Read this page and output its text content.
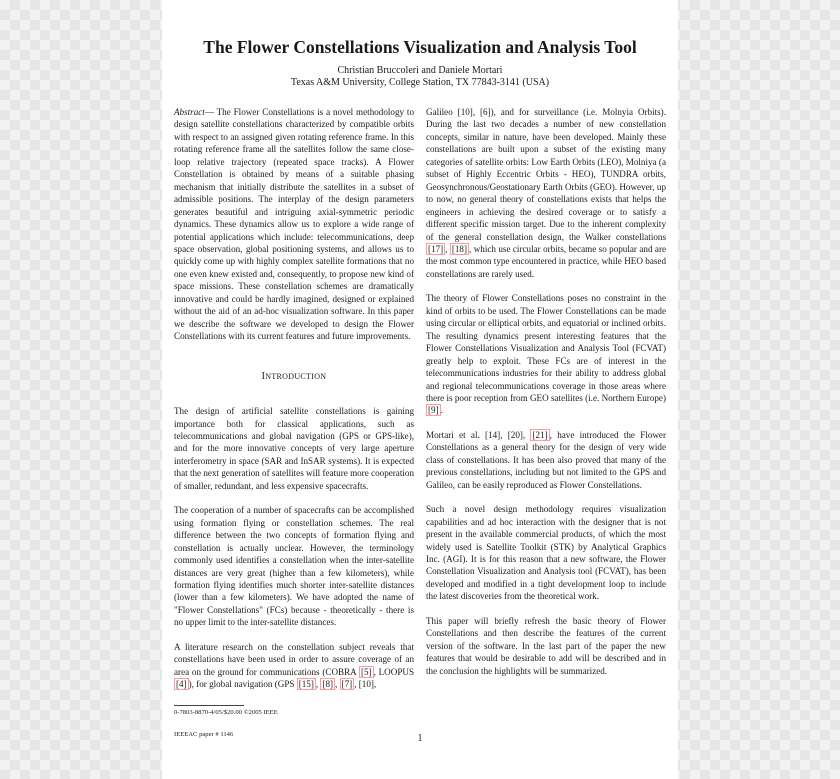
The Flower Constellations Visualization and Analysis Tool

Christian Bruccoleri and Daniele Mortari

Texas A&M University, College Station, TX 77843-3141 (USA)

Abstract— The Flower Constellations is a novel methodology to design satellite constellations characterized by compatible orbits with respect to an assigned given rotating reference frame. In this rotating reference frame all the satellites follow the same close-loop relative trajectory (repeated space tracks). A Flower Constellation is obtained by means of a suitable phasing mechanism that initially distribute the satellites in a subset of admissible positions. The interplay of the design parameters generates beautiful and intriguing axial-symmetric periodic dynamics. These dynamics allow us to explore a wide range of potential applications which include: telecommunications, deep space observation, global positioning systems, and allows us to quickly come up with highly complex satellite formations that no one even knew existed and, consequently, to propose new kind of space missions. These constellation schemes are dramatically innovative and could be hardly imagined, designed or explained without the aid of an ad-hoc visualization software. In this paper we describe the software we developed to design the Flower Constellations with its current features and future improvements.

INTRODUCTION

The design of artificial satellite constellations is gaining importance both for classical applications, such as telecommunications and global navigation (GPS or GPS-like), and for the more innovative concepts of very large aperture interferometry in space (SAR and InSAR systems). It is expected that the next generation of satellites will feature more cooperation of smaller, redundant, and less expensive spacecrafts.

The cooperation of a number of spacecrafts can be accomplished using formation flying or constellation schemes. The real difference between the two concepts of formation flying and constellation is actually unclear. However, the terminology commonly used identifies a constellation when the inter-satellite distances are very great (higher than a few kilometers), while formation flying identifies much shorter inter-satellite distances (lower than a few kilometers). We have adopted the name of "Flower Constellations" (FCs) because - theoretically - there is no upper limit to the inter-satellite distances.

A literature research on the constellation subject reveals that constellations have been used in order to assure coverage of an area on the ground for communications (COBRA [5] , LOOPUS [4] ), for global navigation (GPS [15] , [8] , [7] , [10],

0-7803-8870-4/05/$20.00 ©2005 IEEE

IEEEAC paper # 1146

Galileo [10], [6]), and for surveillance (i.e. Molnyia Orbits). During the last two decades a number of new constellation concepts, similar in nature, have been developed. Mainly these constellations are built upon a subset of the existing many categories of satellite orbits: Low Earth Orbits (LEO), Molniya (a subset of Highly Eccentric Orbits - HEO), TUNDRA orbits, Geosynchronous/Geostationary Earth Orbits (GEO). However, up to now, no general theory of constellations exists that helps the engineers in achieving the desired coverage or to satisfy a different specific mission target. Due to the inherent complexity of the general constellation design, the Walker constellations [17] , [18] , which use circular orbits, became so popular and are the most common type encountered in practice, while HEO based constellations are rarely used.

The theory of Flower Constellations poses no constraint in the kind of orbits to be used. The Flower Constellations can be made using circular or elliptical orbits, and equatorial or inclined orbits. The resulting dynamics present interesting features that the Flower Constellations Visualization and Analysis Tool (FCVAT) greatly help to exploit. These FCs are of interest in the telecommunications industries for their ability to address global and regional telecommunications coverage in those areas where there is poor reception from GEO satellites (i.e. Northern Europe) [9] .

Mortari et al. [14], [20], [21] , have introduced the Flower Constellations as a general theory for the design of very wide class of constellations. It has been also proved that many of the previous constellations, including but not limited to the GPS and Galileo, can be easily reproduced as Flower Constellations.

Such a novel design methodology requires visualization capabilities and ad hoc interaction with the designer that is not present in the available commercial products, of which the most widely used is Satellite Toolkit (STK) by Analytical Graphics Inc. (AGI). It is for this reason that a new software, the Flower Constellation Visualization and Analysis tool (FCVAT), has been developed and modified in a tight development loop to include the latest discoveries from the theoretical work.

This paper will briefly refresh the basic theory of Flower Constellations and then describe the features of the current version of the software. In the last part of the paper the new features that would be desirable to add will be described and in the conclusion the highlights will be summarized.

1
